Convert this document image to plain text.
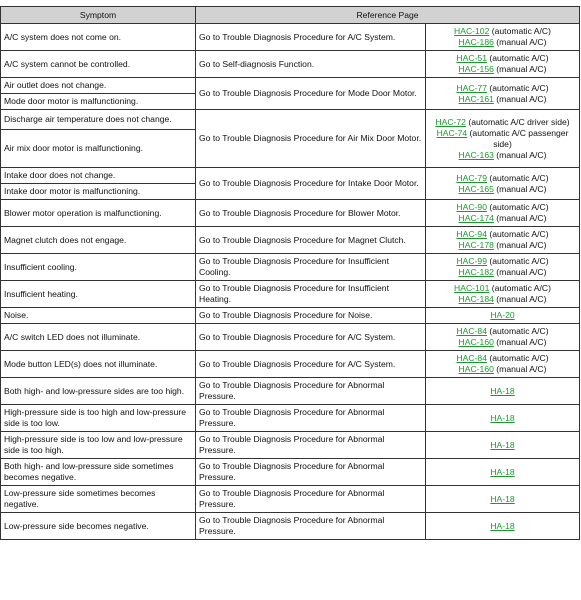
Symptom	Reference Page	
A/C system does not come on.	Go to Trouble Diagnosis Procedure for A/C System.	HAC-102 (automatic A/C)
HAC-186 (manual A/C)

A/C system cannot be controlled.	Go to Self-diagnosis Function.	HAC-51 (automatic A/C)
HAC-156 (manual A/C)

Air outlet does not change.	Go to Trouble Diagnosis Procedure for Mode Door Motor.	HAC-77 (automatic A/C)
HAC-161 (manual A/C)

Mode door motor is malfunctioning.		
Discharge air temperature does not change.	Go to Trouble Diagnosis Procedure for Air Mix Door Motor.	HAC-72 (automatic A/C driver side)
HAC-74 (automatic A/C passenger side)
HAC-163 (manual A/C)

Air mix door motor is malfunctioning.		
Intake door does not change.	Go to Trouble Diagnosis Procedure for Intake Door Motor.	HAC-79 (automatic A/C)
HAC-165 (manual A/C)

Intake door motor is malfunctioning.		
Blower motor operation is malfunctioning.	Go to Trouble Diagnosis Procedure for Blower Motor.	HAC-90 (automatic A/C)
HAC-174 (manual A/C)

Magnet clutch does not engage.	Go to Trouble Diagnosis Procedure for Magnet Clutch.	HAC-94 (automatic A/C)
HAC-178 (manual A/C)

Insufficient cooling.	Go to Trouble Diagnosis Procedure for Insufficient Cooling.	HAC-99 (automatic A/C)
HAC-182 (manual A/C)

Insufficient heating.	Go to Trouble Diagnosis Procedure for Insufficient Heating.	HAC-101 (automatic A/C)
HAC-184 (manual A/C)

Noise.	Go to Trouble Diagnosis Procedure for Noise.	HA-20

A/C switch LED does not illuminate.	Go to Trouble Diagnosis Procedure for A/C System.	HAC-84 (automatic A/C)
HAC-160 (manual A/C)

Mode button LED(s) does not illuminate.	Go to Trouble Diagnosis Procedure for A/C System.	HAC-84 (automatic A/C)
HAC-160 (manual A/C)

Both high- and low-pressure sides are too high.	Go to Trouble Diagnosis Procedure for Abnormal Pressure.	HA-18

High-pressure side is too high and low-pressure side is too low.	Go to Trouble Diagnosis Procedure for Abnormal Pressure.	HA-18

High-pressure side is too low and low-pressure side is too high.	Go to Trouble Diagnosis Procedure for Abnormal Pressure.	HA-18

Both high- and low-pressure side sometimes becomes negative.	Go to Trouble Diagnosis Procedure for Abnormal Pressure.	HA-18

Low-pressure side sometimes becomes negative.	Go to Trouble Diagnosis Procedure for Abnormal Pressure.	HA-18

Low-pressure side becomes negative.	Go to Trouble Diagnosis Procedure for Abnormal Pressure.	HA-18
